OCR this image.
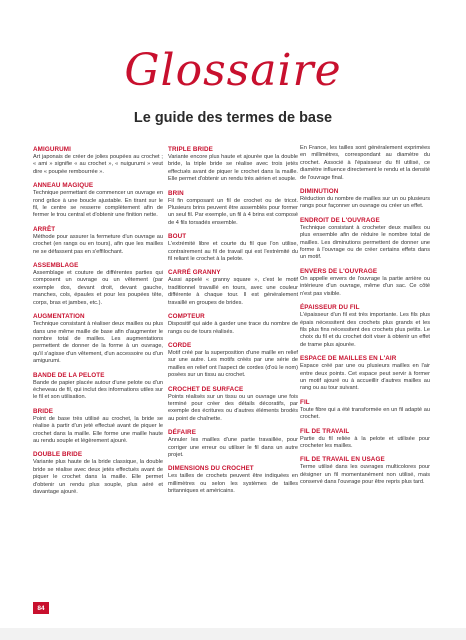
Glossaire
Le guide des termes de base

AMIGURUMI

Art japonais de créer de jolies poupées au crochet ; « ami » signifie « au crochet », « nuigurumi » veut dire « poupée rembourrée ».

ANNEAU MAGIQUE

Technique permettant de commencer un ouvrage en rond grâce à une boucle ajustable. En tirant sur le fil, le centre se resserre complètement afin de fermer le trou central et d'obtenir une finition nette.

ARRÊT

Méthode pour assurer la fermeture d'un ouvrage au crochet (en rangs ou en tours), afin que les mailles ne se défassent pas en s'effilochant.

ASSEMBLAGE

Assemblage et couture de différentes parties qui composent un ouvrage ou un vêtement (par exemple dos, devant droit, devant gauche, manches, cols, épaules et pour les poupées tête, corps, bras et jambes, etc.).

AUGMENTATION

Technique consistant à réaliser deux mailles ou plus dans une même maille de base afin d'augmenter le nombre total de mailles. Les augmentations permettent de donner de la forme à un ouvrage, qu'il s'agisse d'un vêtement, d'un accessoire ou d'un amigurumi.

BANDE DE LA PELOTE

Bande de papier placée autour d'une pelote ou d'un écheveau de fil, qui inclut des informations utiles sur le fil et son utilisation.

BRIDE

Point de base très utilisé au crochet, la bride se réalise à partir d'un jeté effectué avant de piquer le crochet dans la maille. Elle forme une maille haute au rendu souple et légèrement ajouré.

DOUBLE BRIDE

Variante plus haute de la bride classique, la double bride se réalise avec deux jetés effectués avant de piquer le crochet dans la maille. Elle permet d'obtenir un rendu plus souple, plus aéré et davantage ajouré.

TRIPLE BRIDE

Variante encore plus haute et ajourée que la double bride, la triple bride se réalise avec trois jetés effectués avant de piquer le crochet dans la maille. Elle permet d'obtenir un rendu très aérien et souple.

BRIN

Fil fin composant un fil de crochet ou de tricot. Plusieurs brins peuvent être assemblés pour former un seul fil. Par exemple, un fil à 4 brins est composé de 4 fils torsadés ensemble.

BOUT

L'extrémité libre et courte du fil que l'on utilise, contrairement au fil de travail qui est l'extrémité du fil reliant le crochet à la pelote.

CARRÉ GRANNY

Aussi appelé « granny square », c'est le motif traditionnel travaillé en tours, avec une couleur différente à chaque tour. Il est généralement travaillé en groupes de brides.

COMPTEUR

Dispositif qui aide à garder une trace du nombre de rangs ou de tours réalisés.

CORDE

Motif créé par la superposition d'une maille en relief sur une autre. Les motifs créés par une série de mailles en relief ont l'aspect de cordes (d'où le nom) posées sur un tissu au crochet.

CROCHET DE SURFACE

Points réalisés sur un tissu ou un ouvrage une fois terminé pour créer des détails décoratifs, par exemple des écritures ou d'autres éléments brodés au point de chaînette.

DÉFAIRE

Annuler les mailles d'une partie travaillée, pour corriger une erreur ou utiliser le fil dans un autre projet.

DIMENSIONS DU CROCHET

Les tailles de crochets peuvent être indiquées en millimètres ou selon les systèmes de tailles britanniques et américains.

En France, les tailles sont généralement exprimées en millimètres, correspondant au diamètre du crochet. Associé à l'épaisseur du fil utilisé, ce diamètre influence directement le rendu et la densité de l'ouvrage final.

DIMINUTION

Réduction du nombre de mailles sur un ou plusieurs rangs pour façonner un ouvrage ou créer un effet.

ENDROIT DE L'OUVRAGE

Technique consistant à crocheter deux mailles ou plus ensemble afin de réduire le nombre total de mailles. Les diminutions permettent de donner une forme à l'ouvrage ou de créer certains effets dans un motif.

ENVERS DE L'OUVRAGE

On appelle envers de l'ouvrage la partie arrière ou intérieure d'un ouvrage, même d'un sac. Ce côté n'est pas visible.

ÉPAISSEUR DU FIL

L'épaisseur d'un fil est très importante. Les fils plus épais nécessitent des crochets plus grands et les fils plus fins nécessitent des crochets plus petits. Le choix du fil et du crochet doit viser à obtenir un effet de trame plus ajourée.

ESPACE DE MAILLES EN L'AIR

Espace créé par une ou plusieurs mailles en l'air entre deux points. Cet espace peut servir à former un motif ajouré ou à accueillir d'autres mailles au rang ou au tour suivant.

FIL

Toute fibre qui a été transformée en un fil adapté au crochet.

FIL DE TRAVAIL

Partie du fil reliée à la pelote et utilisée pour crocheter les mailles.

FIL DE TRAVAIL EN USAGE

Terme utilisé dans les ouvrages multicolores pour désigner un fil momentanément non utilisé, mais conservé dans l'ouvrage pour être repris plus tard.

84
